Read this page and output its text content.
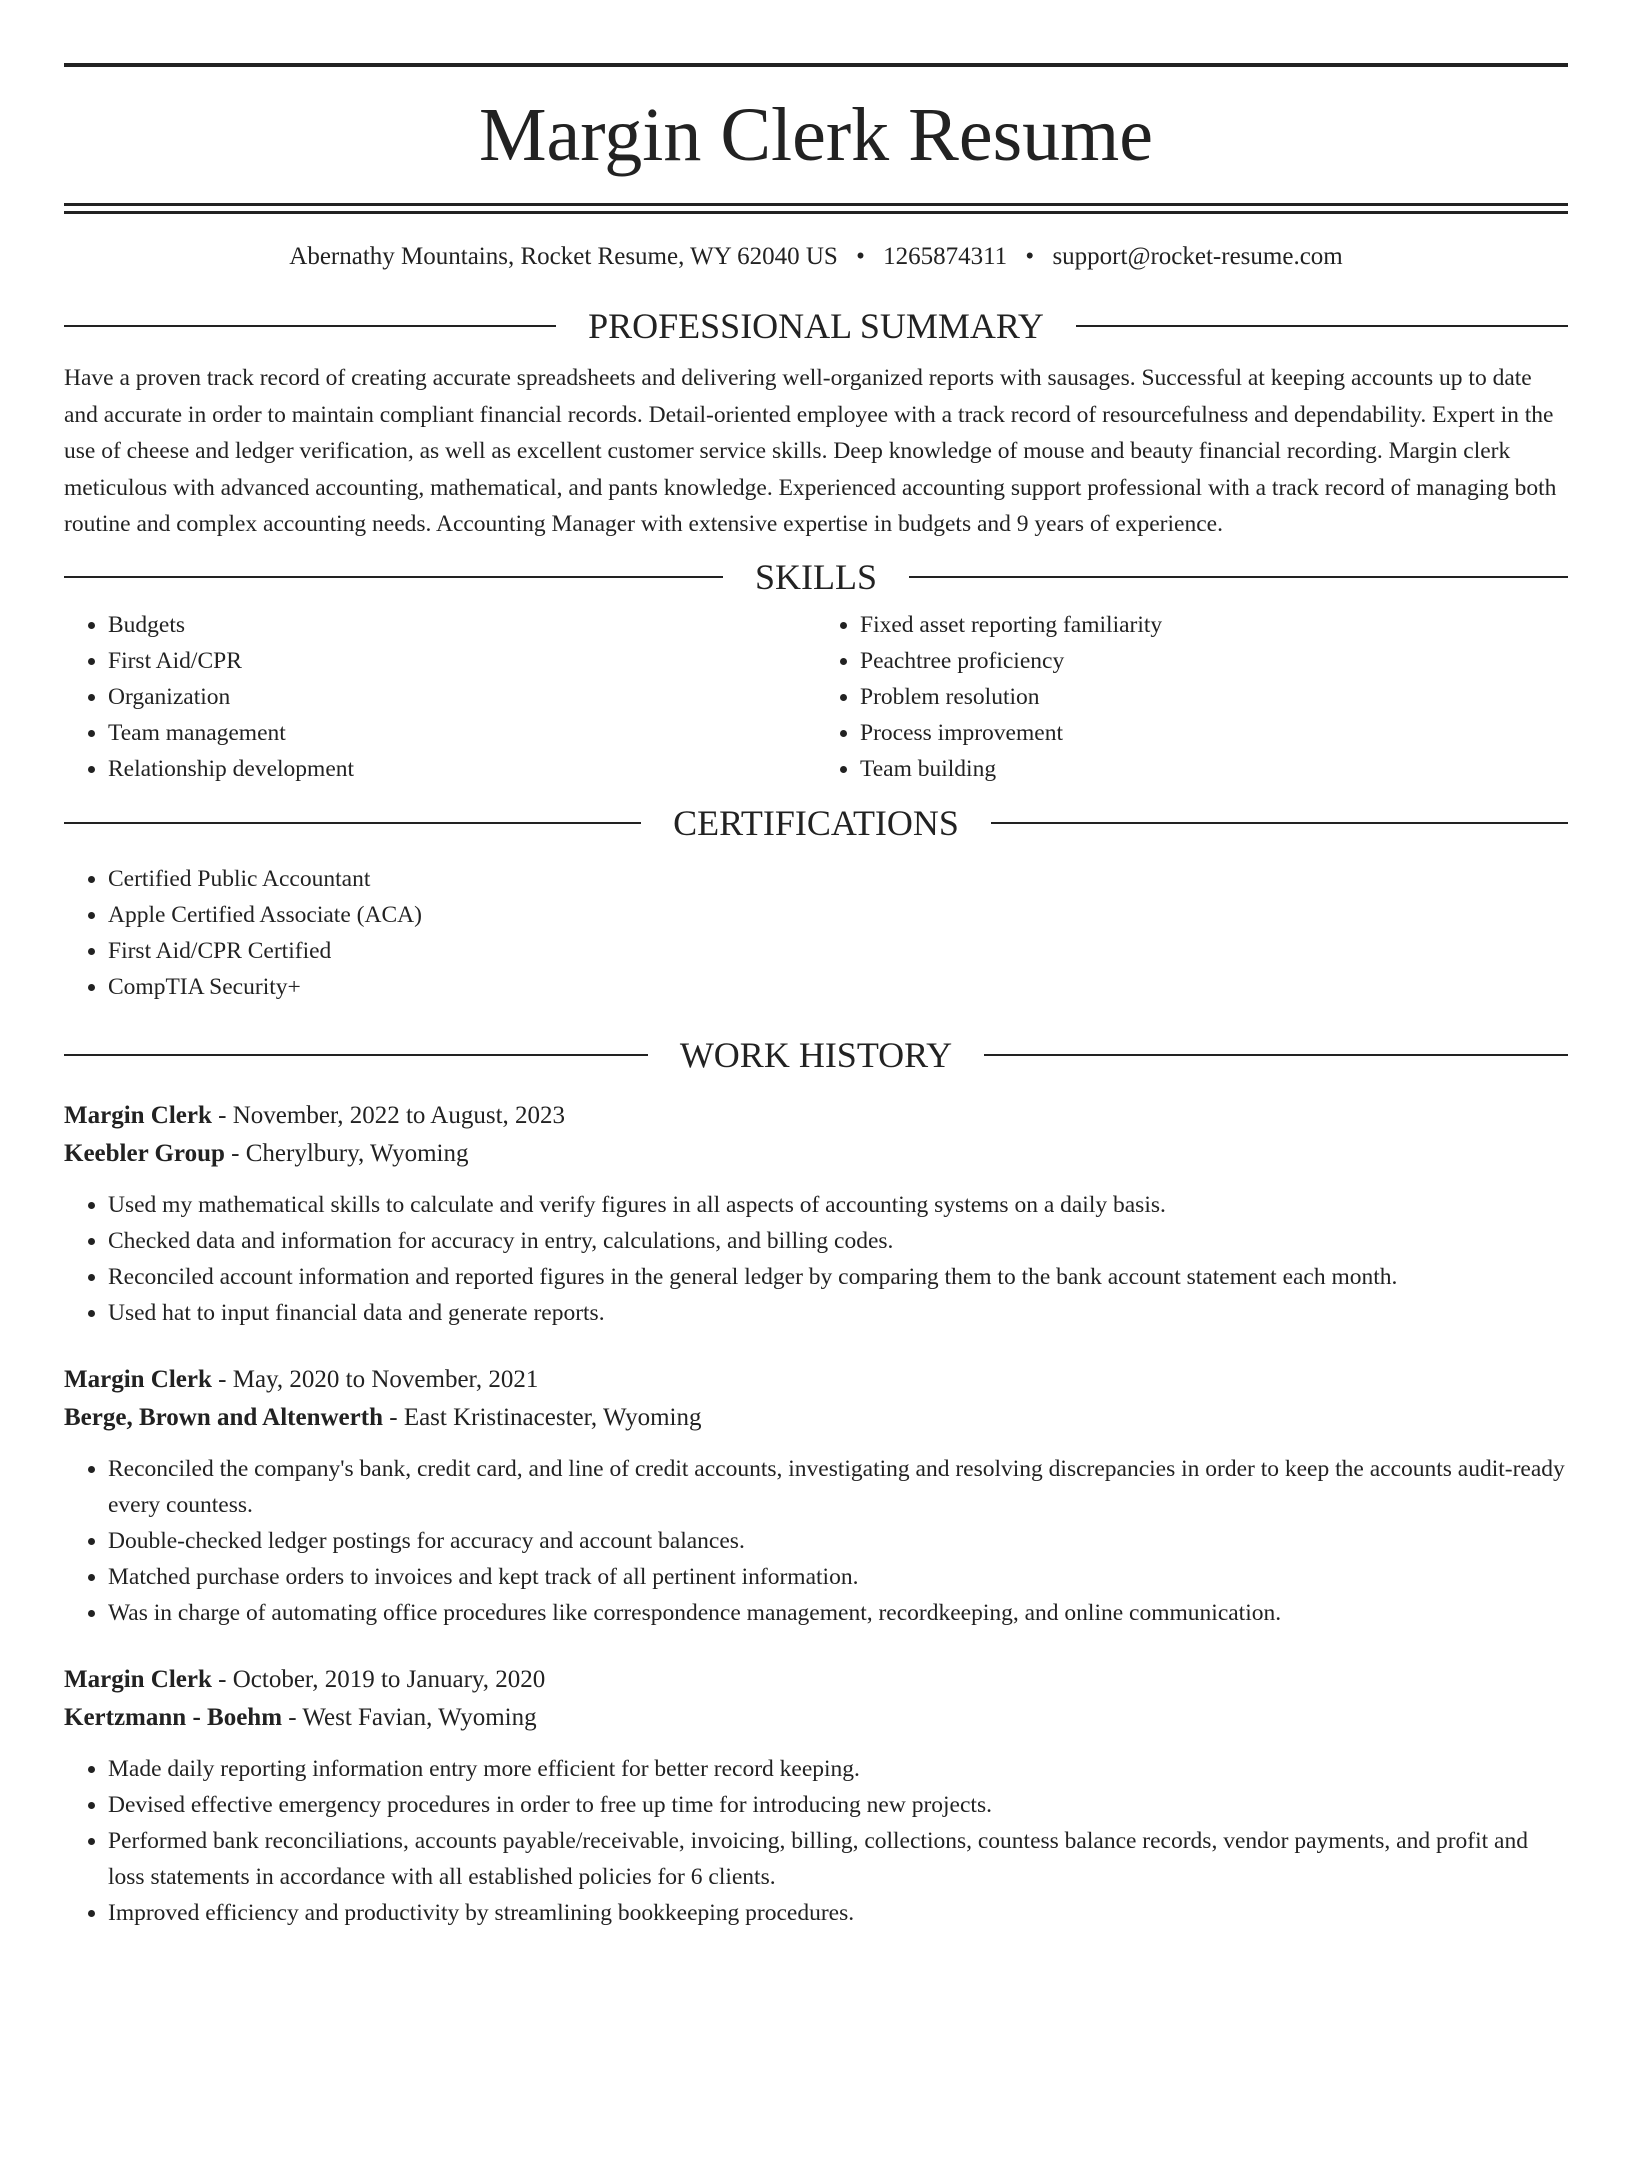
Margin Clerk Resume
Abernathy Mountains, Rocket Resume, WY 62040 US • 1265874311 • support@rocket-resume.com
PROFESSIONAL SUMMARY

Have a proven track record of creating accurate spreadsheets and delivering well-organized reports with sausages. Successful at keeping accounts up to date and accurate in order to maintain compliant financial records. Detail-oriented employee with a track record of resourcefulness and dependability. Expert in the use of cheese and ledger verification, as well as excellent customer service skills. Deep knowledge of mouse and beauty financial recording. Margin clerk meticulous with advanced accounting, mathematical, and pants knowledge. Experienced accounting support professional with a track record of managing both routine and complex accounting needs. Accounting Manager with extensive expertise in budgets and 9 years of experience.

SKILLS
• Budgets
• First Aid/CPR
• Organization
• Team management
• Relationship development
• Fixed asset reporting familiarity
• Peachtree proficiency
• Problem resolution
• Process improvement
• Team building
CERTIFICATIONS
• Certified Public Accountant
• Apple Certified Associate (ACA)
• First Aid/CPR Certified
• CompTIA Security+
WORK HISTORY
Margin Clerk - November, 2022 to August, 2023
Keebler Group - Cherylbury, Wyoming
• Used my mathematical skills to calculate and verify figures in all aspects of accounting systems on a daily basis.
• Checked data and information for accuracy in entry, calculations, and billing codes.
• Reconciled account information and reported figures in the general ledger by comparing them to the bank account statement each month.
• Used hat to input financial data and generate reports.
Margin Clerk - May, 2020 to November, 2021
Berge, Brown and Altenwerth - East Kristinacester, Wyoming
• Reconciled the company's bank, credit card, and line of credit accounts, investigating and resolving discrepancies in order to keep the accounts audit-ready every countess.
• Double-checked ledger postings for accuracy and account balances.
• Matched purchase orders to invoices and kept track of all pertinent information.
• Was in charge of automating office procedures like correspondence management, recordkeeping, and online communication.
Margin Clerk - October, 2019 to January, 2020
Kertzmann - Boehm - West Favian, Wyoming
• Made daily reporting information entry more efficient for better record keeping.
• Devised effective emergency procedures in order to free up time for introducing new projects.
• Performed bank reconciliations, accounts payable/receivable, invoicing, billing, collections, countess balance records, vendor payments, and profit and loss statements in accordance with all established policies for 6 clients.
• Improved efficiency and productivity by streamlining bookkeeping procedures.
